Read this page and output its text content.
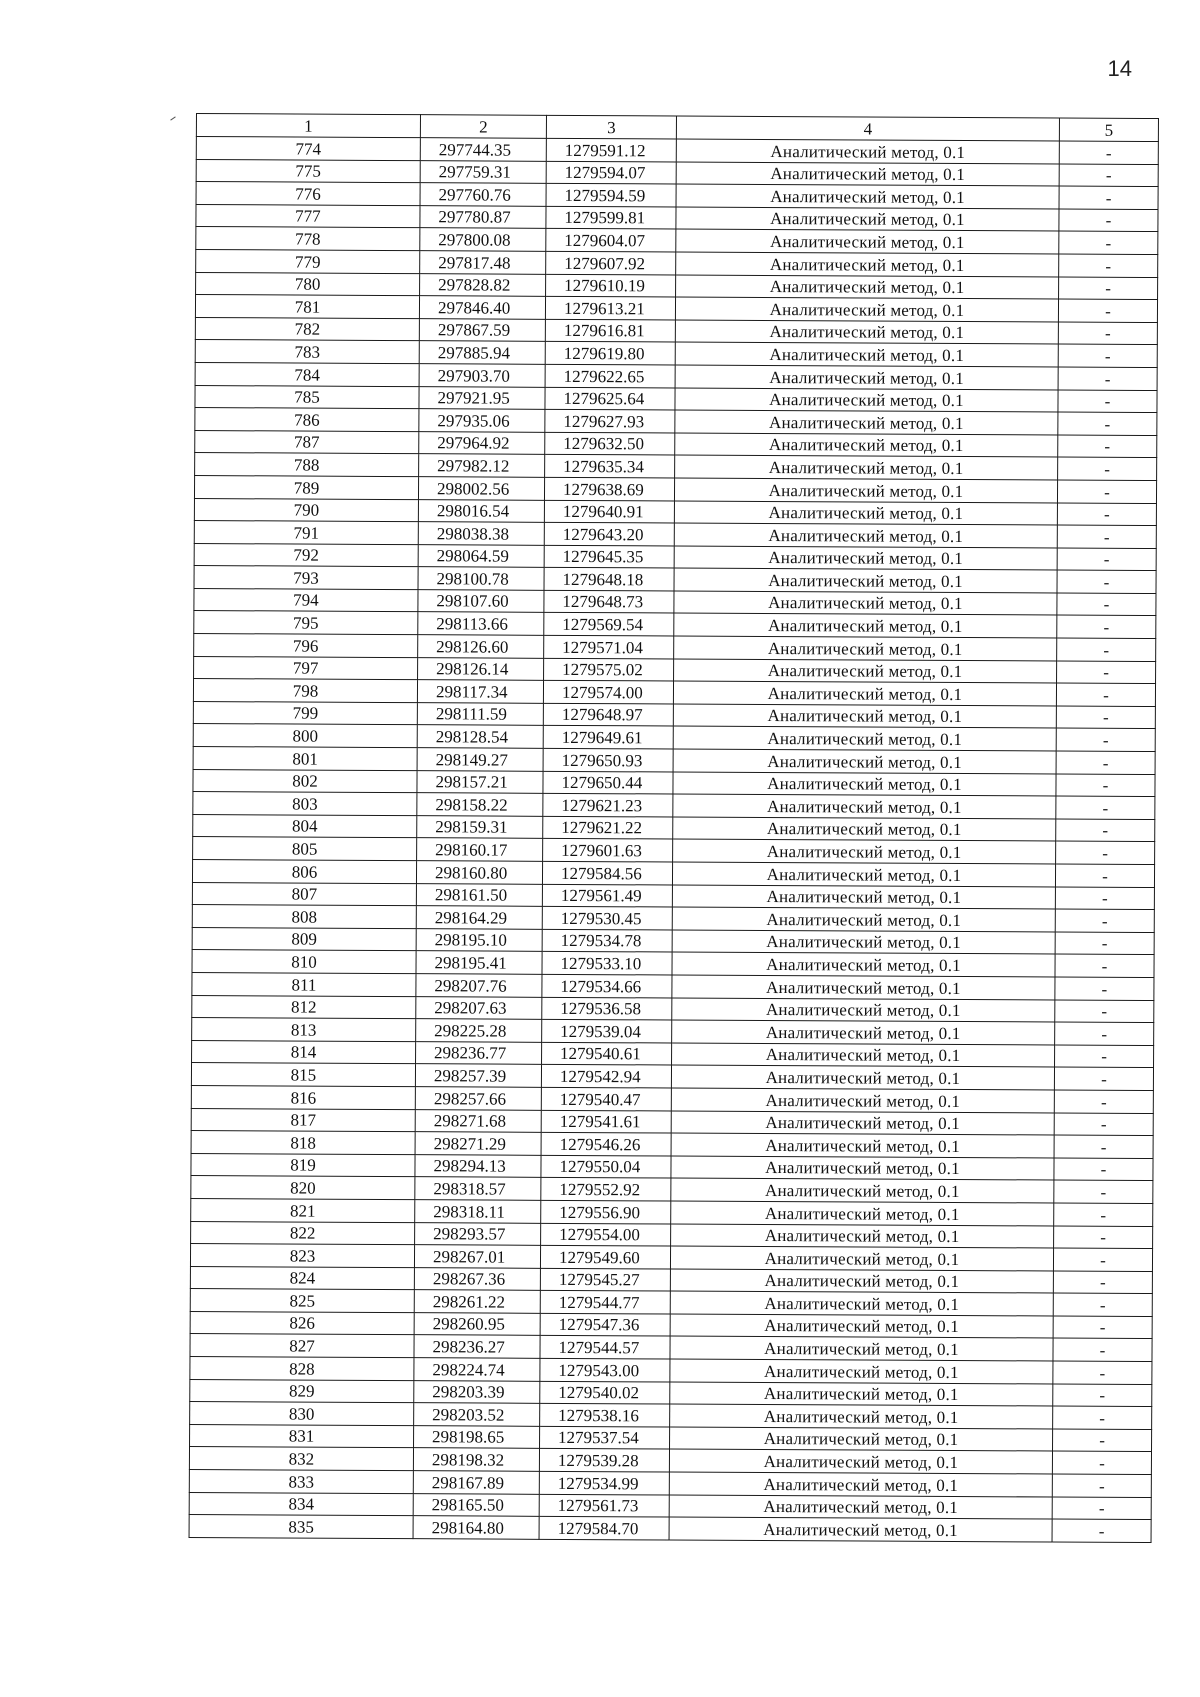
14
1	2	3	4	5
774	297744.35	1279591.12	Аналитический метод, 0.1	-
775	297759.31	1279594.07	Аналитический метод, 0.1	-
776	297760.76	1279594.59	Аналитический метод, 0.1	-
777	297780.87	1279599.81	Аналитический метод, 0.1	-
778	297800.08	1279604.07	Аналитический метод, 0.1	-
779	297817.48	1279607.92	Аналитический метод, 0.1	-
780	297828.82	1279610.19	Аналитический метод, 0.1	-
781	297846.40	1279613.21	Аналитический метод, 0.1	-
782	297867.59	1279616.81	Аналитический метод, 0.1	-
783	297885.94	1279619.80	Аналитический метод, 0.1	-
784	297903.70	1279622.65	Аналитический метод, 0.1	-
785	297921.95	1279625.64	Аналитический метод, 0.1	-
786	297935.06	1279627.93	Аналитический метод, 0.1	-
787	297964.92	1279632.50	Аналитический метод, 0.1	-
788	297982.12	1279635.34	Аналитический метод, 0.1	-
789	298002.56	1279638.69	Аналитический метод, 0.1	-
790	298016.54	1279640.91	Аналитический метод, 0.1	-
791	298038.38	1279643.20	Аналитический метод, 0.1	-
792	298064.59	1279645.35	Аналитический метод, 0.1	-
793	298100.78	1279648.18	Аналитический метод, 0.1	-
794	298107.60	1279648.73	Аналитический метод, 0.1	-
795	298113.66	1279569.54	Аналитический метод, 0.1	-
796	298126.60	1279571.04	Аналитический метод, 0.1	-
797	298126.14	1279575.02	Аналитический метод, 0.1	-
798	298117.34	1279574.00	Аналитический метод, 0.1	-
799	298111.59	1279648.97	Аналитический метод, 0.1	-
800	298128.54	1279649.61	Аналитический метод, 0.1	-
801	298149.27	1279650.93	Аналитический метод, 0.1	-
802	298157.21	1279650.44	Аналитический метод, 0.1	-
803	298158.22	1279621.23	Аналитический метод, 0.1	-
804	298159.31	1279621.22	Аналитический метод, 0.1	-
805	298160.17	1279601.63	Аналитический метод, 0.1	-
806	298160.80	1279584.56	Аналитический метод, 0.1	-
807	298161.50	1279561.49	Аналитический метод, 0.1	-
808	298164.29	1279530.45	Аналитический метод, 0.1	-
809	298195.10	1279534.78	Аналитический метод, 0.1	-
810	298195.41	1279533.10	Аналитический метод, 0.1	-
811	298207.76	1279534.66	Аналитический метод, 0.1	-
812	298207.63	1279536.58	Аналитический метод, 0.1	-
813	298225.28	1279539.04	Аналитический метод, 0.1	-
814	298236.77	1279540.61	Аналитический метод, 0.1	-
815	298257.39	1279542.94	Аналитический метод, 0.1	-
816	298257.66	1279540.47	Аналитический метод, 0.1	-
817	298271.68	1279541.61	Аналитический метод, 0.1	-
818	298271.29	1279546.26	Аналитический метод, 0.1	-
819	298294.13	1279550.04	Аналитический метод, 0.1	-
820	298318.57	1279552.92	Аналитический метод, 0.1	-
821	298318.11	1279556.90	Аналитический метод, 0.1	-
822	298293.57	1279554.00	Аналитический метод, 0.1	-
823	298267.01	1279549.60	Аналитический метод, 0.1	-
824	298267.36	1279545.27	Аналитический метод, 0.1	-
825	298261.22	1279544.77	Аналитический метод, 0.1	-
826	298260.95	1279547.36	Аналитический метод, 0.1	-
827	298236.27	1279544.57	Аналитический метод, 0.1	-
828	298224.74	1279543.00	Аналитический метод, 0.1	-
829	298203.39	1279540.02	Аналитический метод, 0.1	-
830	298203.52	1279538.16	Аналитический метод, 0.1	-
831	298198.65	1279537.54	Аналитический метод, 0.1	-
832	298198.32	1279539.28	Аналитический метод, 0.1	-
833	298167.89	1279534.99	Аналитический метод, 0.1	-
834	298165.50	1279561.73	Аналитический метод, 0.1	-
835	298164.80	1279584.70	Аналитический метод, 0.1	-
